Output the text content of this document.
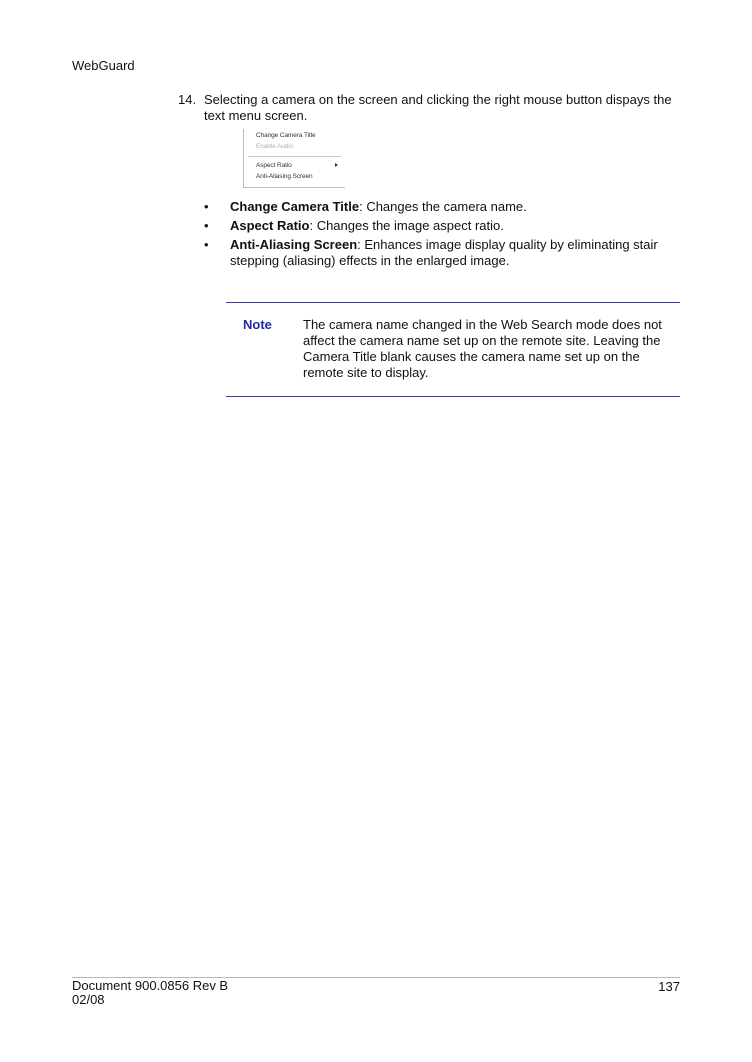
WebGuard
14. Selecting a camera on the screen and clicking the right mouse button dispays the text menu screen.
Change Camera Title
Enable Audio
Aspect Ratio
Anti-Aliasing Screen
• Change Camera Title: Changes the camera name.
• Aspect Ratio: Changes the image aspect ratio.
• Anti-Aliasing Screen: Enhances image display quality by eliminating stair stepping (aliasing) effects in the enlarged image.
Note The camera name changed in the Web Search mode does not affect the camera name set up on the remote site. Leaving the Camera Title blank causes the camera name set up on the remote site to display.
Document 900.0856 Rev B
02/08
137
